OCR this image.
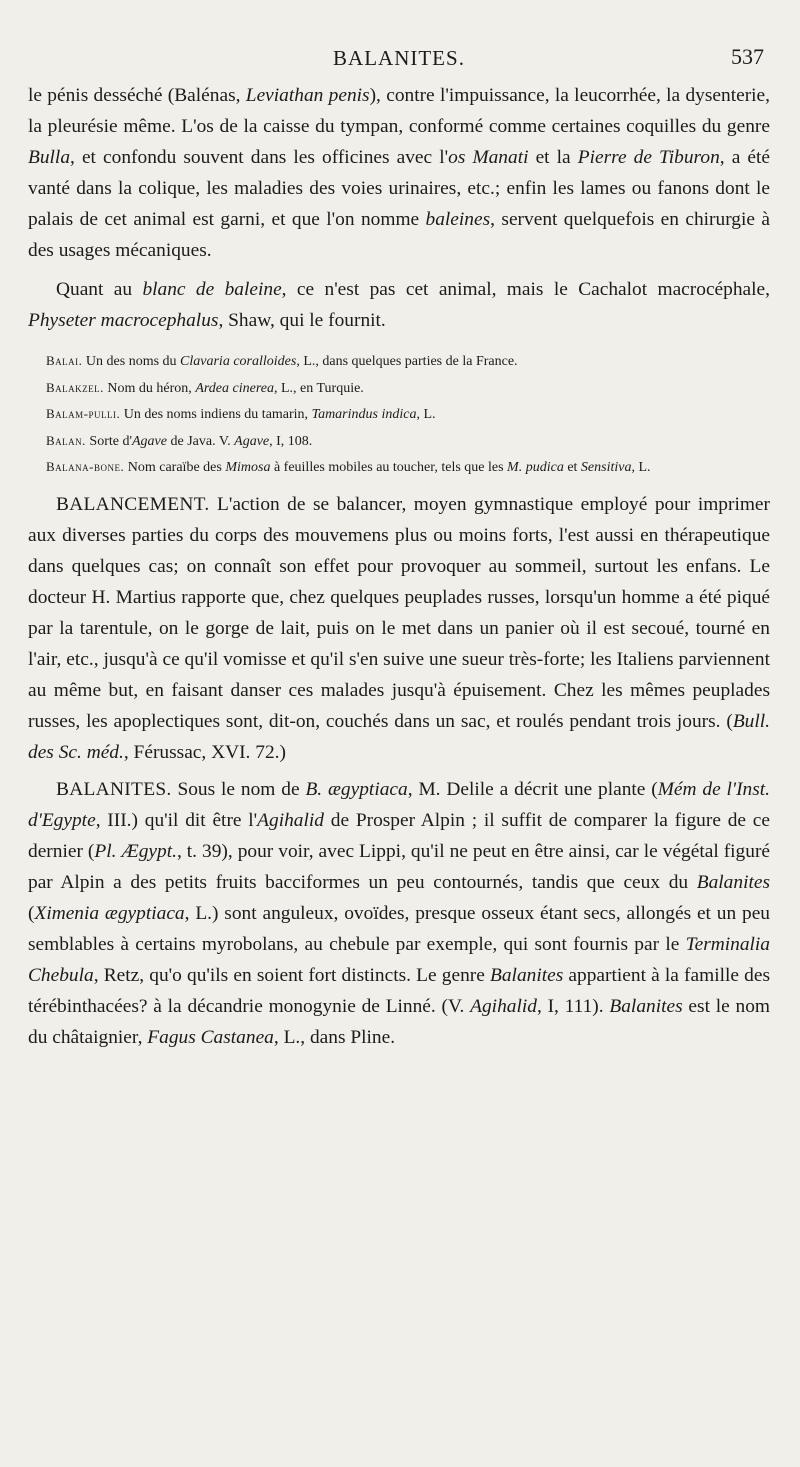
BALANITES.	537

le pénis desséché (Balénas, Leviathan penis), contre l'impuissance, la leucorrhée, la dysenterie, la pleurésie même. L'os de la caisse du tympan, conformé comme certaines coquilles du genre Bulla, et confondu souvent dans les officines avec l'os Manati et la Pierre de Tiburon, a été vanté dans la colique, les maladies des voies urinaires, etc.; enfin les lames ou fanons dont le palais de cet animal est garni, et que l'on nomme baleines, servent quelquefois en chirurgie à des usages mécaniques.

Quant au blanc de baleine, ce n'est pas cet animal, mais le Cachalot macrocéphale, Physeter macrocephalus, Shaw, qui le fournit.

Balai. Un des noms du Clavaria coralloides, L., dans quelques parties de la France.

Balakzel. Nom du héron, Ardea cinerea, L., en Turquie.

Balam-pulli. Un des noms indiens du tamarin, Tamarindus indica, L.

Balan. Sorte d'Agave de Java. V. Agave, I, 108.

Balana-bone. Nom caraïbe des Mimosa à feuilles mobiles au toucher, tels que les M. pudica et Sensitiva, L.

BALANCEMENT. L'action de se balancer, moyen gymnastique employé pour imprimer aux diverses parties du corps des mouvemens plus ou moins forts, l'est aussi en thérapeutique dans quelques cas; on connaît son effet pour provoquer au sommeil, surtout les enfans. Le docteur H. Martius rapporte que, chez quelques peuplades russes, lorsqu'un homme a été piqué par la tarentule, on le gorge de lait, puis on le met dans un panier où il est secoué, tourné en l'air, etc., jusqu'à ce qu'il vomisse et qu'il s'en suive une sueur très-forte; les Italiens parviennent au même but, en faisant danser ces malades jusqu'à épuisement. Chez les mêmes peuplades russes, les apoplectiques sont, dit-on, couchés dans un sac, et roulés pendant trois jours. (Bull. des Sc. méd., Férussac, XVI. 72.)

BALANITES. Sous le nom de B. ægyptiaca, M. Delile a décrit une plante (Mém de l'Inst. d'Egypte, III.) qu'il dit être l'Agihalid de Prosper Alpin ; il suffit de comparer la figure de ce dernier (Pl. Ægypt., t. 39), pour voir, avec Lippi, qu'il ne peut en être ainsi, car le végétal figuré par Alpin a des petits fruits bacciformes un peu contournés, tandis que ceux du Balanites (Ximenia ægyptiaca, L.) sont anguleux, ovoïdes, presque osseux étant secs, allongés et un peu semblables à certains myrobolans, au chebule par exemple, qui sont fournis par le Terminalia Chebula, Retz, qu'o qu'ils en soient fort distincts. Le genre Balanites appartient à la famille des térébinthacées? à la décandrie monogynie de Linné. (V. Agihalid, I, 111). Balanites est le nom du châtaignier, Fagus Castanea, L., dans Pline.
